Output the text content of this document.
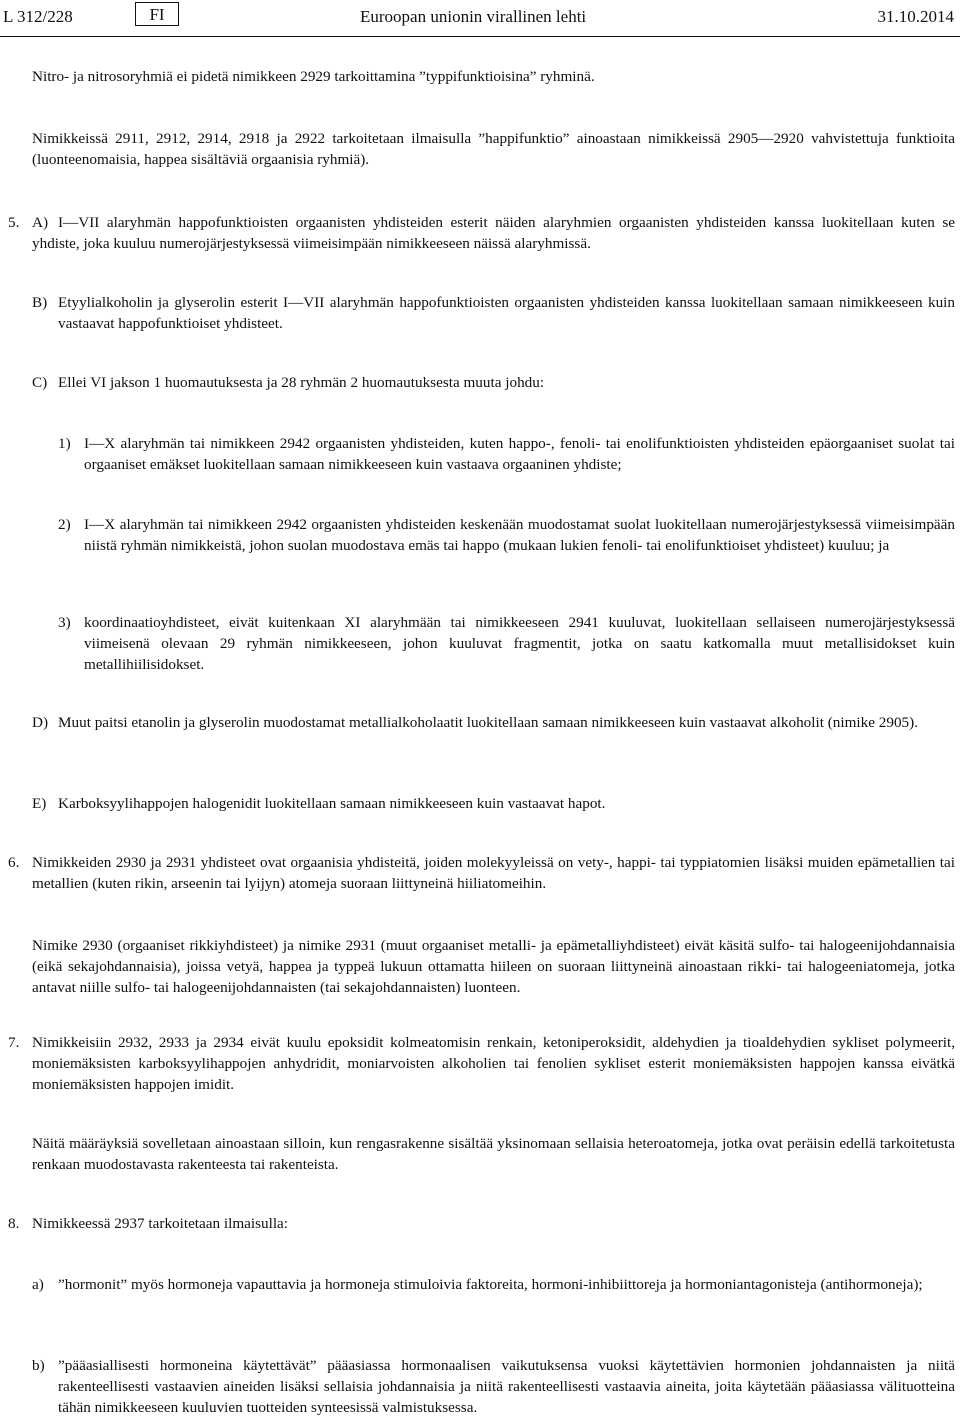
L 312/228	FI	Euroopan unionin virallinen lehti	31.10.2014
Nitro- ja nitrosoryhmiä ei pidetä nimikkeen 2929 tarkoittamina ”typpifunktioisina” ryhminä.
Nimikkeissä 2911, 2912, 2914, 2918 ja 2922 tarkoitetaan ilmaisulla ”happifunktio” ainoastaan nimikkeissä 2905—2920 vahvistettuja funktioita (luonteenomaisia, happea sisältäviä orgaanisia ryhmiä).
5. A) I—VII alaryhmän happofunktioisten orgaanisten yhdisteiden esterit näiden alaryhmien orgaanisten yhdisteiden kanssa luokitellaan kuten se yhdiste, joka kuuluu numerojärjestyksessä viimeisimpään nimikkeeseen näissä alaryhmissä.
B) Etyylialkoholin ja glyserolin esterit I—VII alaryhmän happofunktioisten orgaanisten yhdisteiden kanssa luokitellaan samaan nimikkeeseen kuin vastaavat happofunktioiset yhdisteet.
C) Ellei VI jakson 1 huomautuksesta ja 28 ryhmän 2 huomautuksesta muuta johdu:
1) I—X alaryhmän tai nimikkeen 2942 orgaanisten yhdisteiden, kuten happo-, fenoli- tai enolifunktioisten yhdisteiden epäorgaaniset suolat tai orgaaniset emäkset luokitellaan samaan nimikkeeseen kuin vastaava orgaaninen yhdiste;
2) I—X alaryhmän tai nimikkeen 2942 orgaanisten yhdisteiden keskenään muodostamat suolat luokitellaan numerojärjestyksessä viimeisimpään niistä ryhmän nimikkeistä, johon suolan muodostava emäs tai happo (mukaan lukien fenoli- tai enolifunktioiset yhdisteet) kuuluu; ja
3) koordinaatioyhdisteet, eivät kuitenkaan XI alaryhmään tai nimikkeeseen 2941 kuuluvat, luokitellaan sellaiseen numerojärjestyksessä viimeisenä olevaan 29 ryhmän nimikkeeseen, johon kuuluvat fragmentit, jotka on saatu katkomalla muut metallisidokset kuin metallihiilisidokset.
D) Muut paitsi etanolin ja glyserolin muodostamat metallialkoholaatit luokitellaan samaan nimikkeeseen kuin vastaavat alkoholit (nimike 2905).
E) Karboksyylihappojen halogenidit luokitellaan samaan nimikkeeseen kuin vastaavat hapot.
6. Nimikkeiden 2930 ja 2931 yhdisteet ovat orgaanisia yhdisteitä, joiden molekyyleissä on vety-, happi- tai typpiatomien lisäksi muiden epämetallien tai metallien (kuten rikin, arseenin tai lyijyn) atomeja suoraan liittyneinä hiiliatomeihin.
Nimike 2930 (orgaaniset rikkiyhdisteet) ja nimike 2931 (muut orgaaniset metalli- ja epämetalliyhdisteet) eivät käsitä sulfo- tai halogeenijohdannaisia (eikä sekajohdannaisia), joissa vetyä, happea ja typpeä lukuun ottamatta hiileen on suoraan liittyneinä ainoastaan rikki- tai halogeeniatomeja, jotka antavat niille sulfo- tai halogeenijohdannaisten (tai sekajohdannaisten) luonteen.
7. Nimikkeisiin 2932, 2933 ja 2934 eivät kuulu epoksidit kolmeatomisin renkain, ketoniperoksidit, aldehydien ja tioaldehydien sykliset polymeerit, moniemäksisten karboksyylihappojen anhydridit, moniarvoisten alkoholien tai fenolien sykliset esterit moniemäksisten happojen kanssa eivätkä moniemäksisten happojen imidit.
Näitä määräyksiä sovelletaan ainoastaan silloin, kun rengasrakenne sisältää yksinomaan sellaisia heteroatomeja, jotka ovat peräisin edellä tarkoitetusta renkaan muodostavasta rakenteesta tai rakenteista.
8. Nimikkeessä 2937 tarkoitetaan ilmaisulla:
a) ”hormonit” myös hormoneja vapauttavia ja hormoneja stimuloivia faktoreita, hormoni-inhibiittoreja ja hormoniantagonisteja (antihormoneja);
b) ”pääasiallisesti hormoneina käytettävät” pääasiassa hormonaalisen vaikutuksensa vuoksi käytettävien hormonien johdannaisten ja niitä rakenteellisesti vastaavien aineiden lisäksi sellaisia johdannaisia ja niitä rakenteellisesti vastaavia aineita, joita käytetään pääasiassa välituotteina tähän nimikkeeseen kuuluvien tuotteiden synteesissä valmistuksessa.
